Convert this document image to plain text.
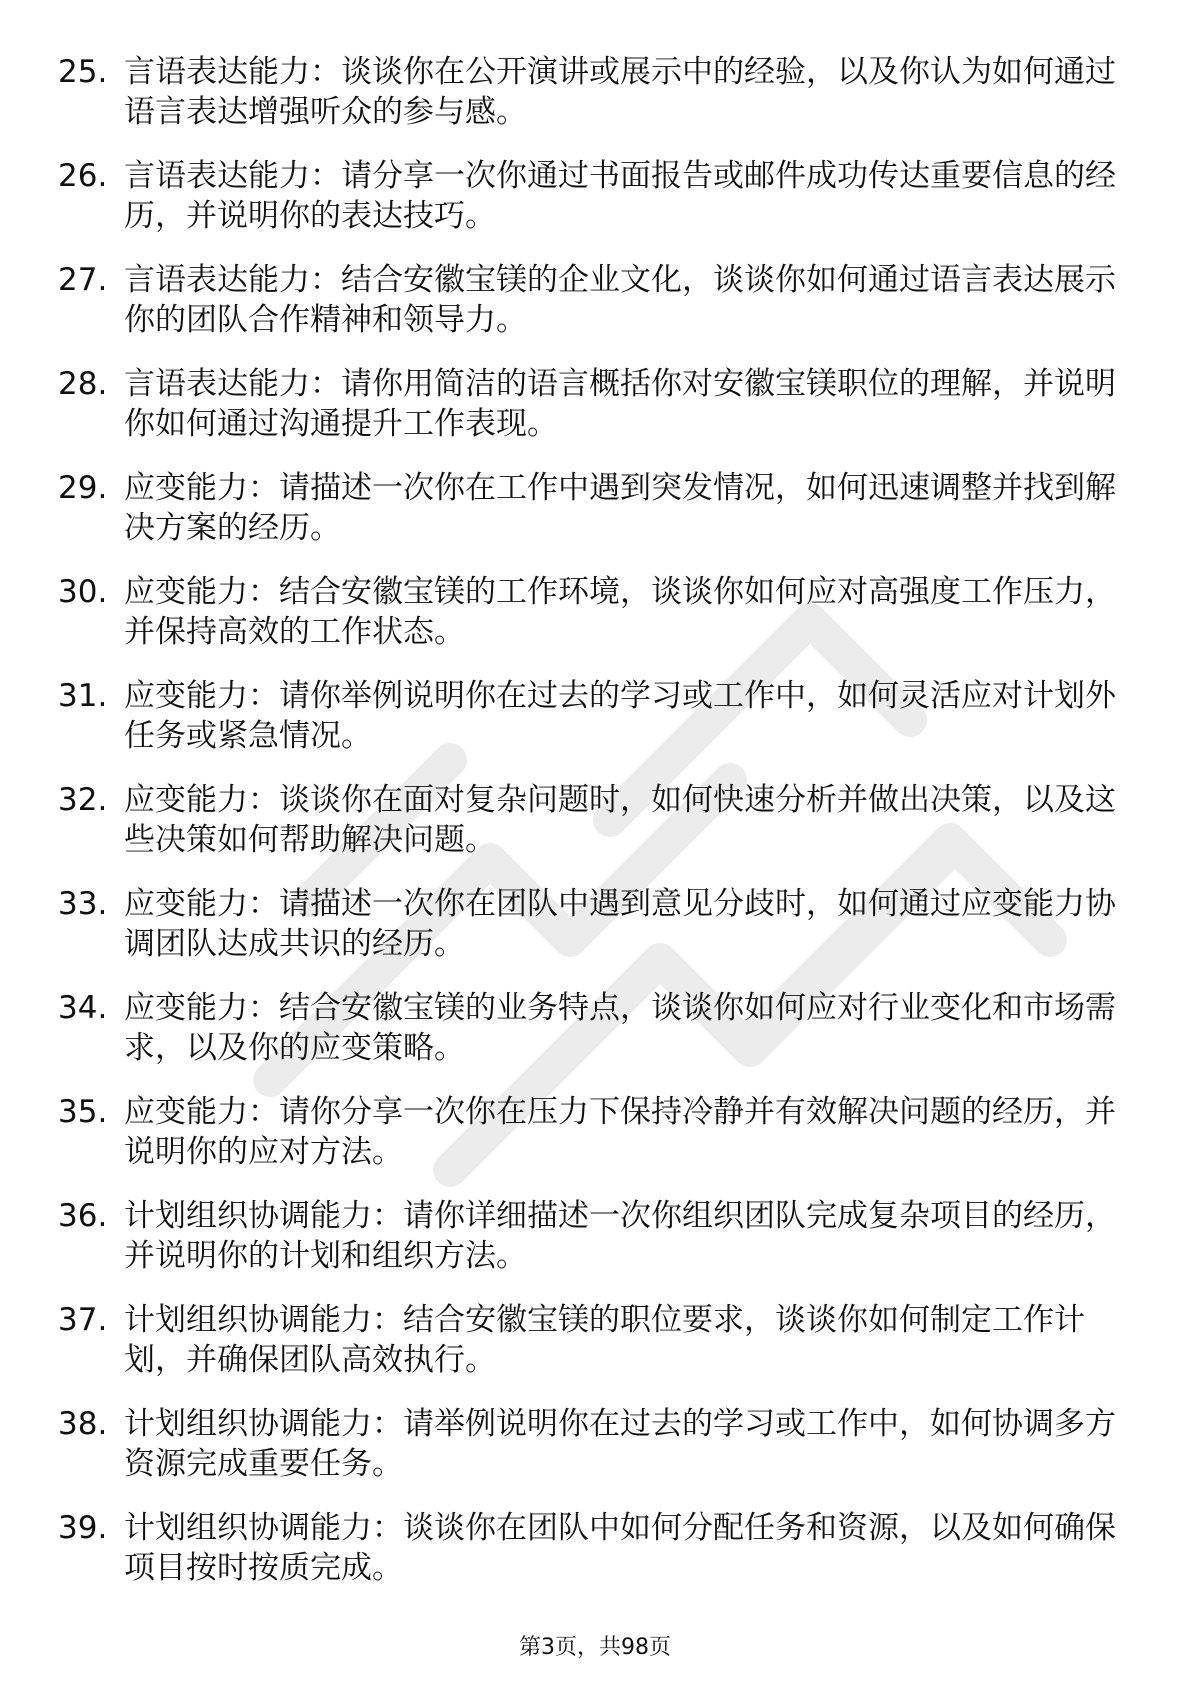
25. 言语表达能力：谈谈你在公开演讲或展示中的经验，以及你认为如何通过语言表达增强听众的参与感。
26. 言语表达能力：请分享一次你通过书面报告或邮件成功传达重要信息的经历，并说明你的表达技巧。
27. 言语表达能力：结合安徽宝镁的企业文化，谈谈你如何通过语言表达展示你的团队合作精神和领导力。
28. 言语表达能力：请你用简洁的语言概括你对安徽宝镁职位的理解，并说明你如何通过沟通提升工作表现。
29. 应变能力：请描述一次你在工作中遇到突发情况，如何迅速调整并找到解决方案的经历。
30. 应变能力：结合安徽宝镁的工作环境，谈谈你如何应对高强度工作压力，并保持高效的工作状态。
31. 应变能力：请你举例说明你在过去的学习或工作中，如何灵活应对计划外任务或紧急情况。
32. 应变能力：谈谈你在面对复杂问题时，如何快速分析并做出决策，以及这些决策如何帮助解决问题。
33. 应变能力：请描述一次你在团队中遇到意见分歧时，如何通过应变能力协调团队达成共识的经历。
34. 应变能力：结合安徽宝镁的业务特点，谈谈你如何应对行业变化和市场需求，以及你的应变策略。
35. 应变能力：请你分享一次你在压力下保持冷静并有效解决问题的经历，并说明你的应对方法。
36. 计划组织协调能力：请你详细描述一次你组织团队完成复杂项目的经历，并说明你的计划和组织方法。
37. 计划组织协调能力：结合安徽宝镁的职位要求，谈谈你如何制定工作计划，并确保团队高效执行。
38. 计划组织协调能力：请举例说明你在过去的学习或工作中，如何协调多方资源完成重要任务。
39. 计划组织协调能力：谈谈你在团队中如何分配任务和资源，以及如何确保项目按时按质完成。
第3页，共98页
